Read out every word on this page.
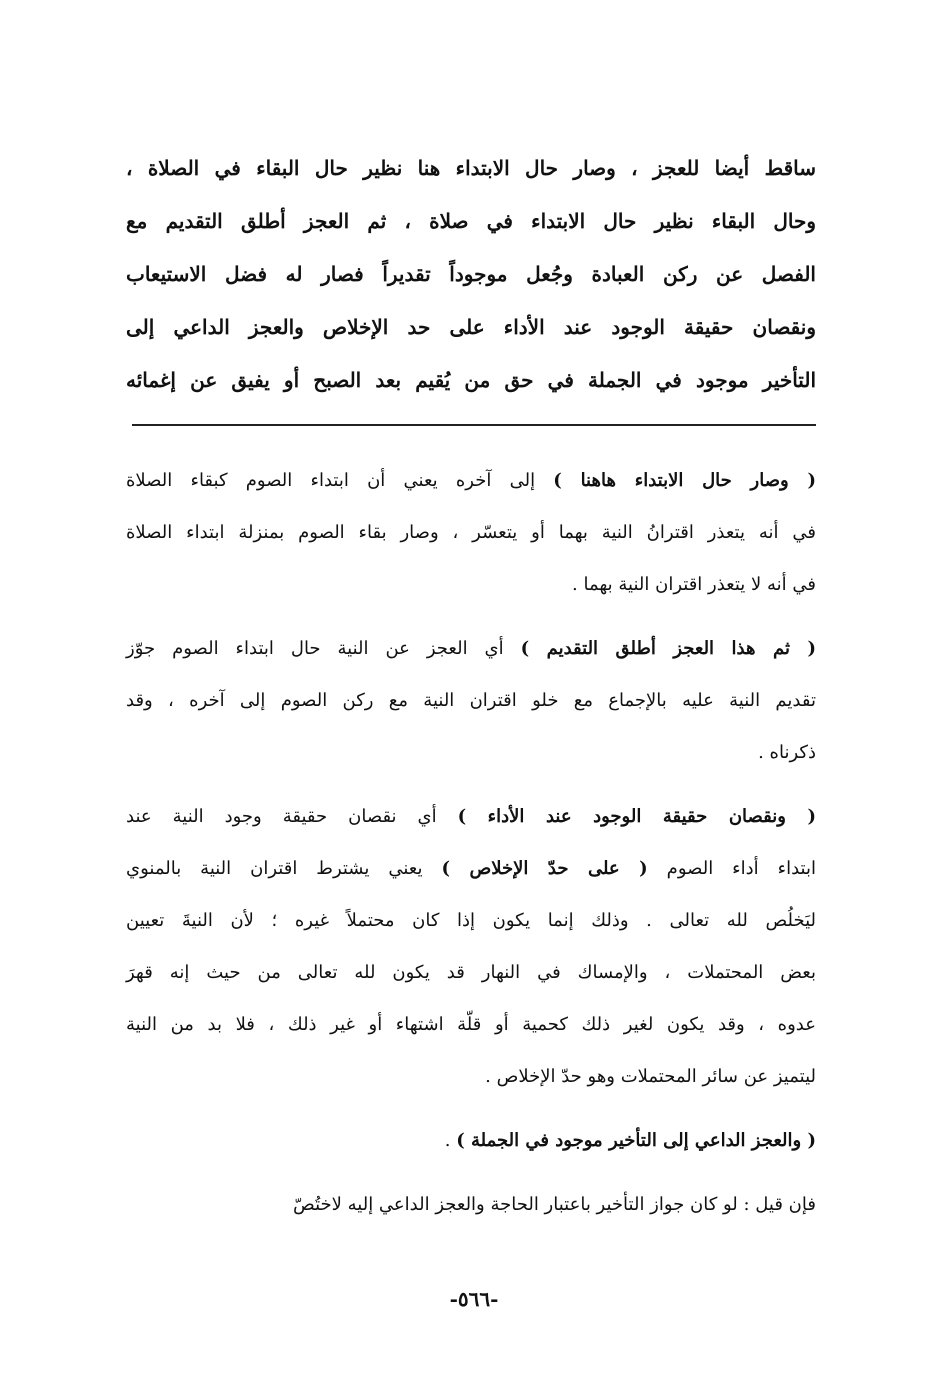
ساقط أيضا للعجز ، وصار حال الابتداء هنا نظير حال البقاء في الصلاة ،
وحال البقاء نظير حال الابتداء في صلاة ، ثم العجز أطلق التقديم مع
الفصل عن ركن العبادة وجُعل موجوداً تقديراً فصار له فضل الاستيعاب
ونقصان حقيقة الوجود عند الأداء على حد الإخلاص والعجز الداعي إلى
التأخير موجود في الجملة في حق من يُقيم بعد الصبح أو يفيق عن إغمائه
( وصار حال الابتداء هاهنا ) إلى آخره يعني أن ابتداء الصوم كبقاء الصلاة
في أنه يتعذر اقترانُ النية بهما أو يتعسّر ، وصار بقاء الصوم بمنزلة ابتداء الصلاة
في أنه لا يتعذر اقتران النية بهما .
( ثم هذا العجز أطلق التقديم ) أي العجز عن النية حال ابتداء الصوم جوّز
تقديم النية عليه بالإجماع مع خلو اقتران النية مع ركن الصوم إلى آخره ، وقد
ذكرناه .
( ونقصان حقيقة الوجود عند الأداء ) أي نقصان حقيقة وجود النية عند
ابتداء أداء الصوم ( على حدّ الإخلاص ) يعني يشترط اقتران النية بالمنوي
ليَخلُص لله تعالى . وذلك إنما يكون إذا كان محتملاً غيره ؛ لأن النيةَ تعيين
بعض المحتملات ، والإمساك في النهار قد يكون لله تعالى من حيث إنه قهرَ
عدوه ، وقد يكون لغير ذلك كحمية أو قلّة اشتهاء أو غير ذلك ، فلا بد من النية
ليتميز عن سائر المحتملات وهو حدّ الإخلاص .
( والعجز الداعي إلى التأخير موجود في الجملة ) .
فإن قيل : لو كان جواز التأخير باعتبار الحاجة والعجز الداعي إليه لاختُصّ
-٥٦٦-
